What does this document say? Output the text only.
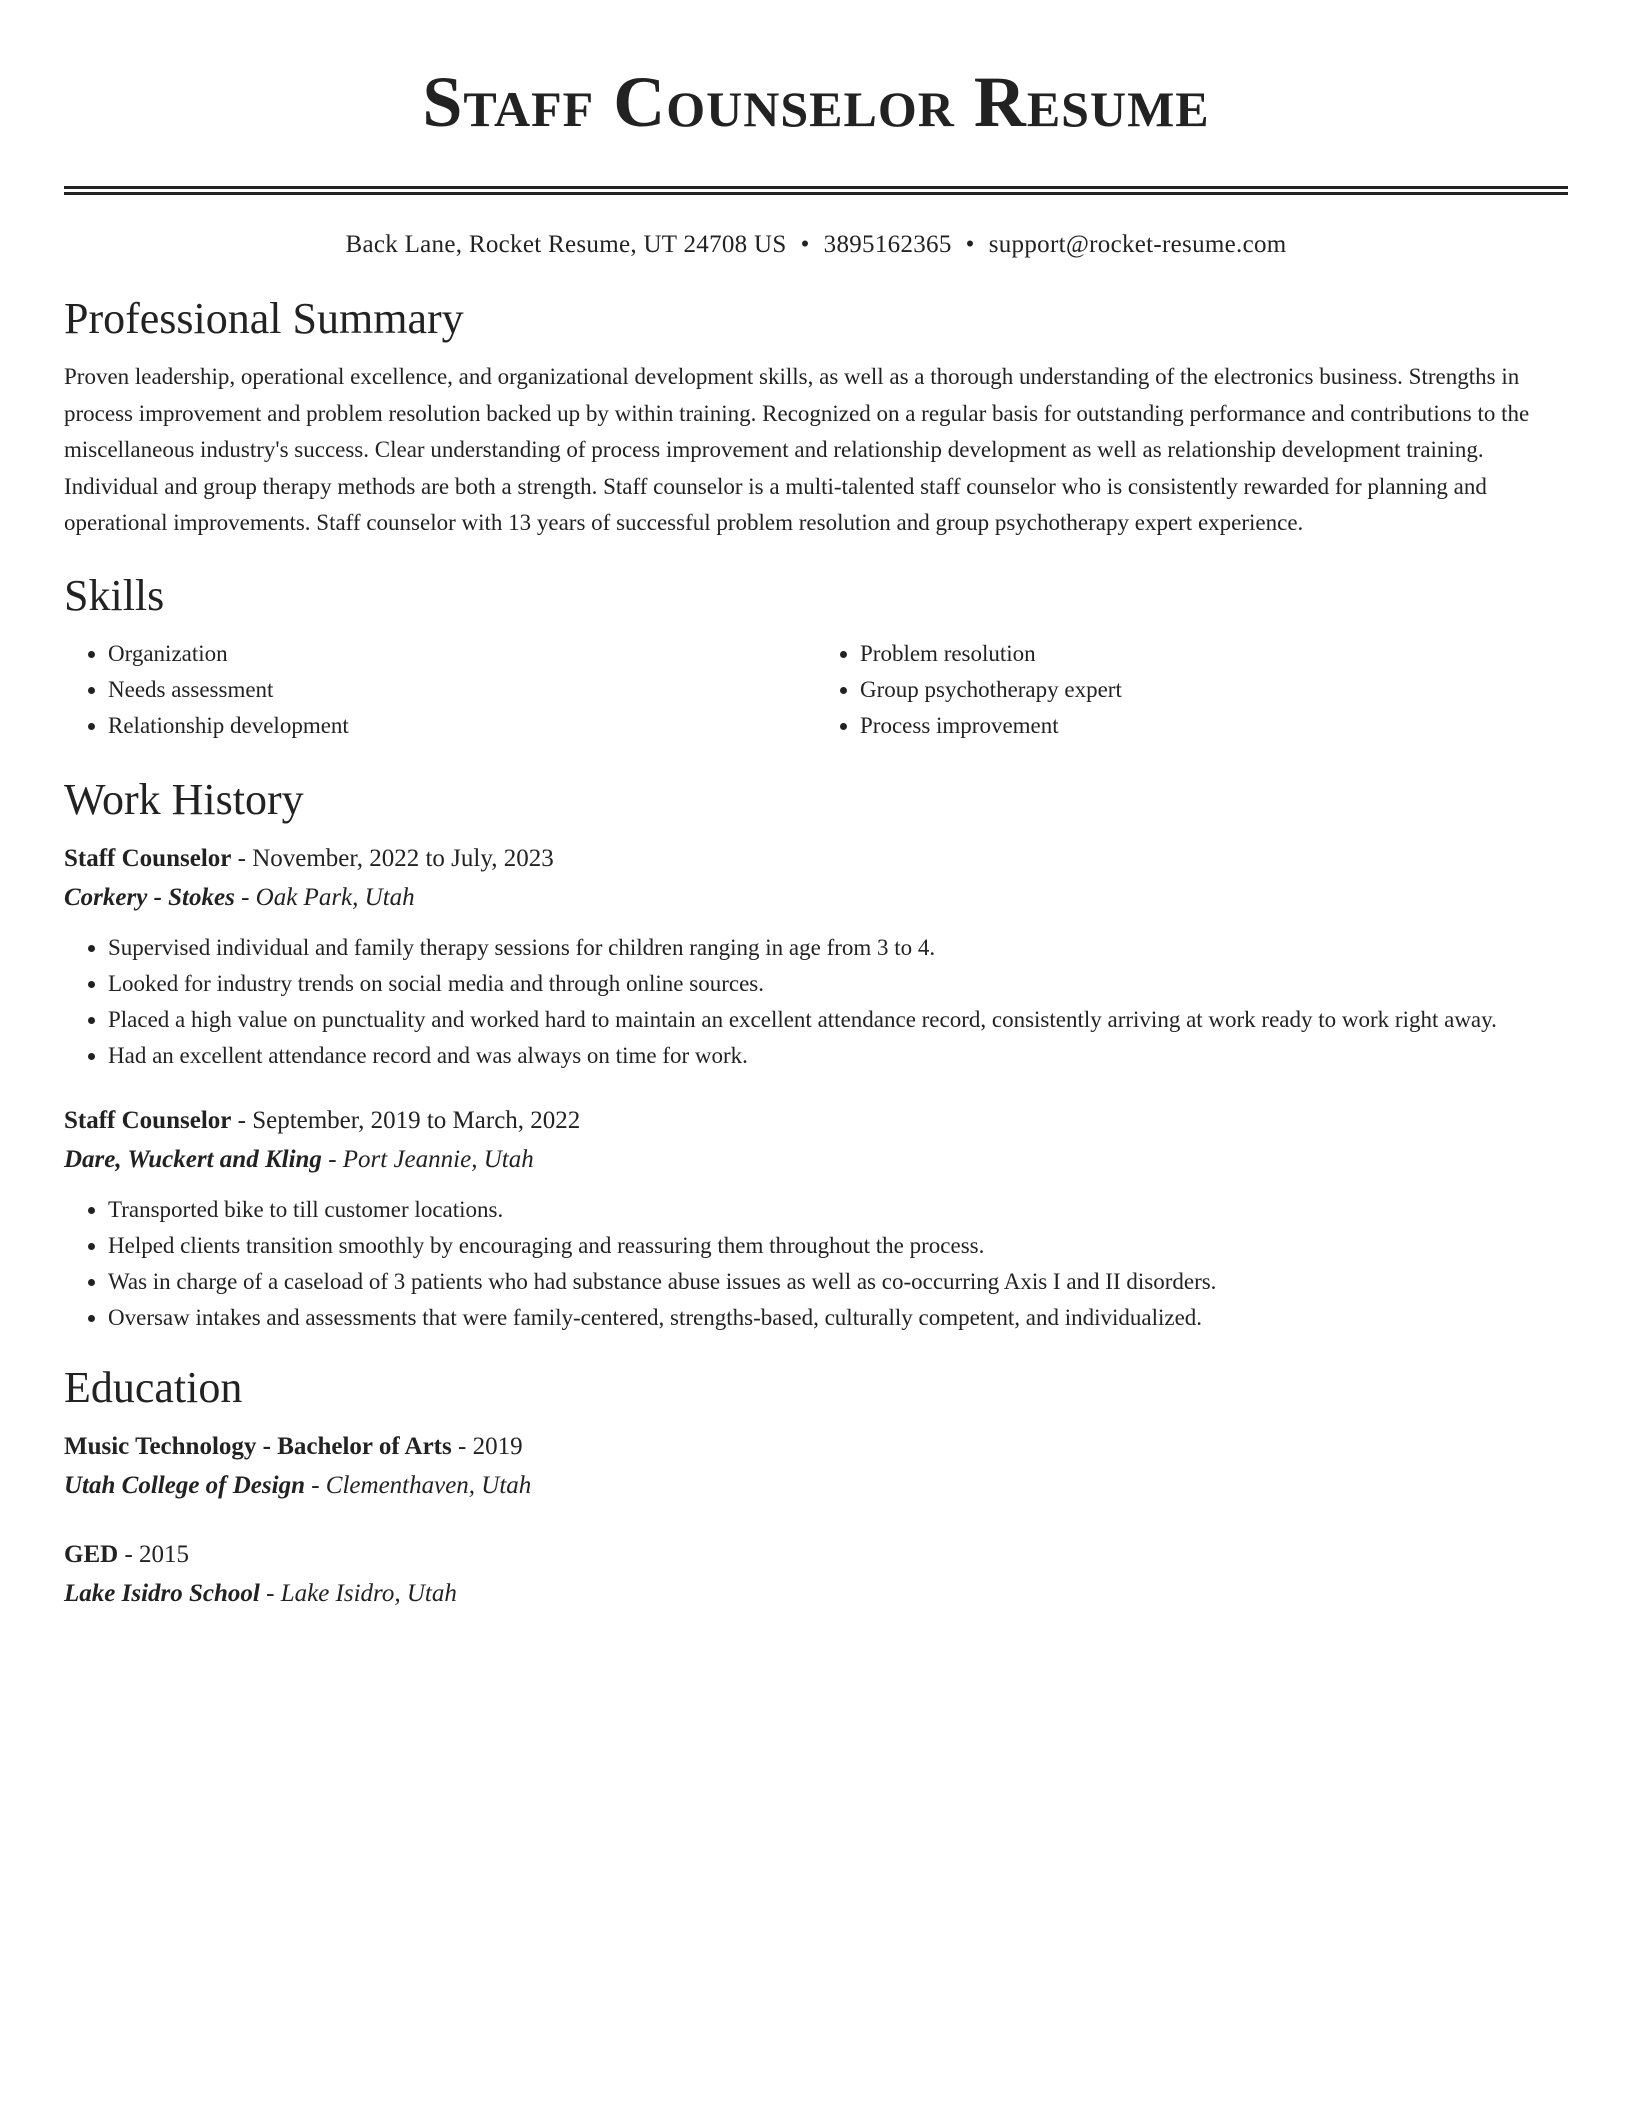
Staff Counselor Resume
Back Lane, Rocket Resume, UT 24708 US • 3895162365 • support@rocket-resume.com
Professional Summary

Proven leadership, operational excellence, and organizational development skills, as well as a thorough understanding of the electronics business. Strengths in process improvement and problem resolution backed up by within training. Recognized on a regular basis for outstanding performance and contributions to the miscellaneous industry's success. Clear understanding of process improvement and relationship development as well as relationship development training. Individual and group therapy methods are both a strength. Staff counselor is a multi-talented staff counselor who is consistently rewarded for planning and operational improvements. Staff counselor with 13 years of successful problem resolution and group psychotherapy expert experience.

Skills
• Organization
• Needs assessment
• Relationship development
• Problem resolution
• Group psychotherapy expert
• Process improvement
Work History
Staff Counselor - November, 2022 to July, 2023
Corkery - Stokes - Oak Park, Utah
• Supervised individual and family therapy sessions for children ranging in age from 3 to 4.
• Looked for industry trends on social media and through online sources.
• Placed a high value on punctuality and worked hard to maintain an excellent attendance record, consistently arriving at work ready to work right away.
• Had an excellent attendance record and was always on time for work.
Staff Counselor - September, 2019 to March, 2022
Dare, Wuckert and Kling - Port Jeannie, Utah
• Transported bike to till customer locations.
• Helped clients transition smoothly by encouraging and reassuring them throughout the process.
• Was in charge of a caseload of 3 patients who had substance abuse issues as well as co-occurring Axis I and II disorders.
• Oversaw intakes and assessments that were family-centered, strengths-based, culturally competent, and individualized.
Education
Music Technology - Bachelor of Arts - 2019
Utah College of Design - Clementhaven, Utah
GED - 2015
Lake Isidro School - Lake Isidro, Utah
